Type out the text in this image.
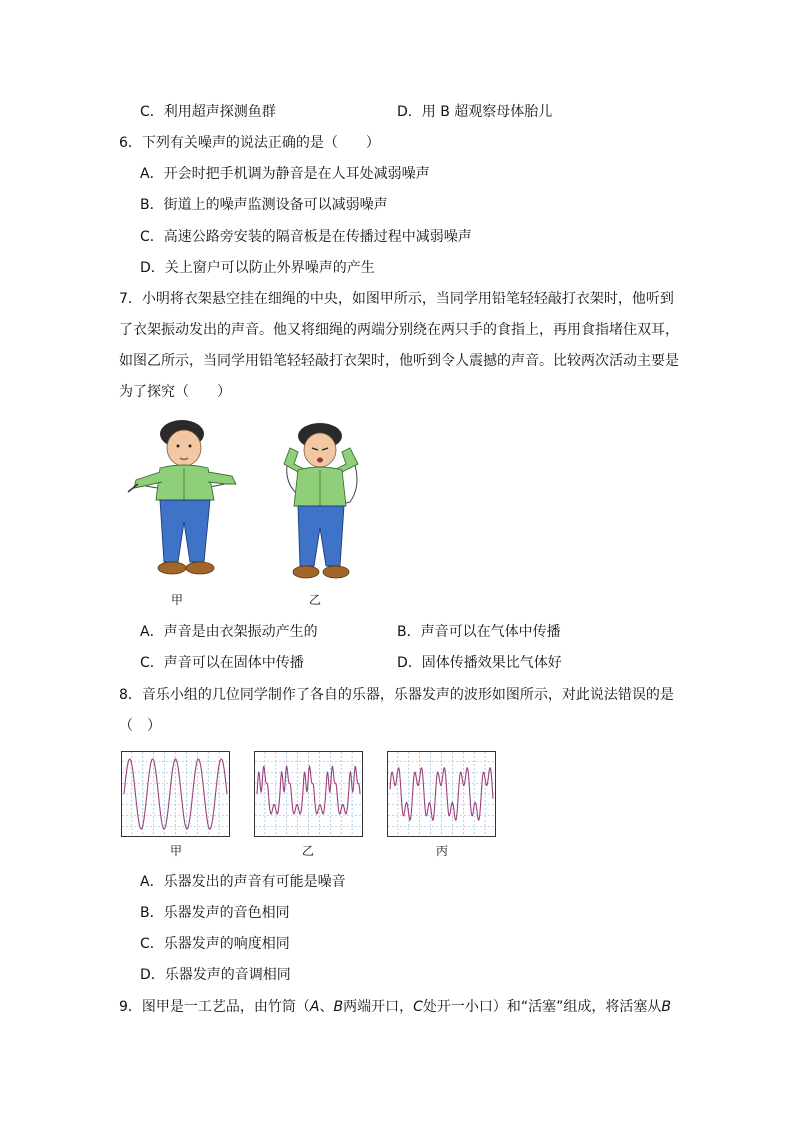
C．利用超声探测鱼群	D．用 B 超观察母体胎儿
6．下列有关噪声的说法正确的是（　　）
A．开会时把手机调为静音是在人耳处减弱噪声
B．街道上的噪声监测设备可以减弱噪声
C．高速公路旁安装的隔音板是在传播过程中减弱噪声
D．关上窗户可以防止外界噪声的产生
7．小明将衣架悬空挂在细绳的中央，如图甲所示，当同学用铅笔轻轻敲打衣架时，他听到
了衣架振动发出的声音。他又将细绳的两端分别绕在两只手的食指上，再用食指堵住双耳，
如图乙所示，当同学用铅笔轻轻敲打衣架时，他听到令人震撼的声音。比较两次活动主要是
为了探究（　　）
甲	乙
A．声音是由衣架振动产生的	B．声音可以在气体中传播
C．声音可以在固体中传播	D．固体传播效果比气体好
8．音乐小组的几位同学制作了各自的乐器，乐器发声的波形如图所示，对此说法错误的是
（　）
甲	乙	丙
A．乐器发出的声音有可能是噪音
B．乐器发声的音色相同
C．乐器发声的响度相同
D．乐器发声的音调相同
9．图甲是一工艺品，由竹筒（A、B两端开口，C处开一小口）和“活塞”组成，将活塞从B
